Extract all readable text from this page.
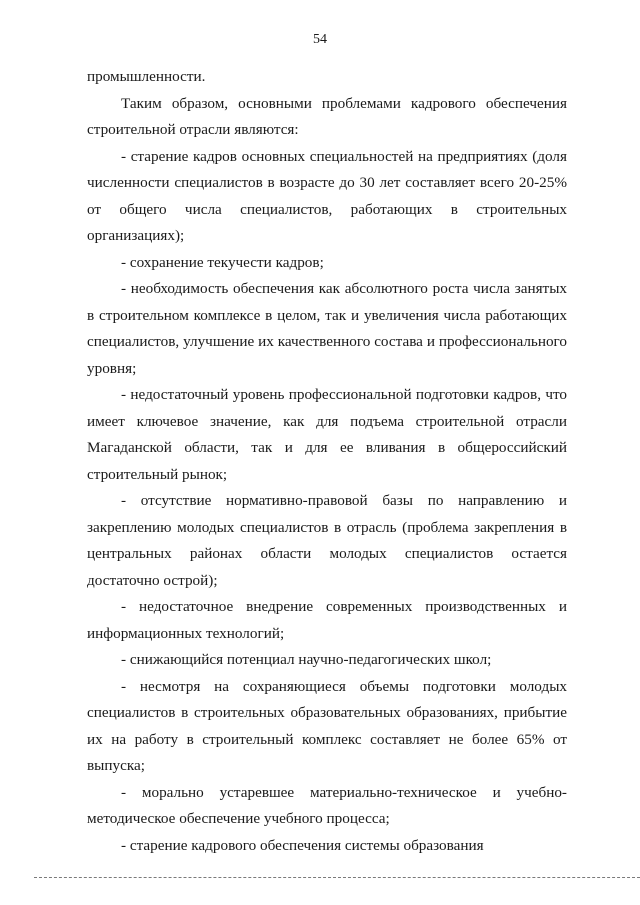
54

промышленности.

Таким образом, основными проблемами кадрового обеспечения строительной отрасли являются:

- старение кадров основных специальностей на предприятиях (доля численности специалистов в возрасте до 30 лет составляет всего 20-25% от общего числа специалистов, работающих в строительных организациях);

- сохранение текучести кадров;

- необходимость обеспечения как абсолютного роста числа занятых в строительном комплексе в целом, так и увеличения числа работающих специалистов, улучшение их качественного состава и профессионального уровня;

- недостаточный уровень профессиональной подготовки кадров, что имеет ключевое значение, как для подъема строительной отрасли Магаданской области, так и для ее вливания в общероссийский строительный рынок;

- отсутствие нормативно-правовой базы по направлению и закреплению молодых специалистов в отрасль (проблема закрепления в центральных районах области молодых специалистов остается достаточно острой);

- недостаточное внедрение современных производственных и информационных технологий;

- снижающийся потенциал научно-педагогических школ;

- несмотря на сохраняющиеся объемы подготовки молодых специалистов в строительных образовательных образованиях, прибытие их на работу в строительный комплекс составляет не более 65% от выпуска;

- морально устаревшее материально-техническое и учебно-методическое обеспечение учебного процесса;

- старение кадрового обеспечения системы образования
